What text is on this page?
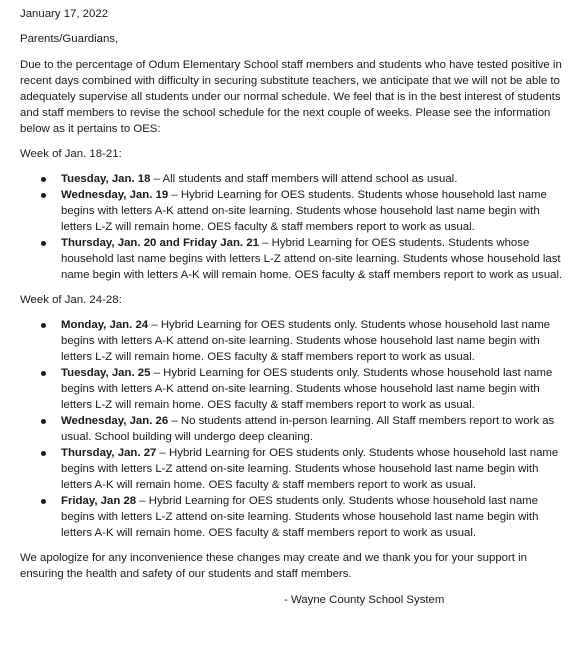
January 17, 2022

Parents/Guardians,

Due to the percentage of Odum Elementary School staff members and students who have tested positive in recent days combined with difficulty in securing substitute teachers, we anticipate that we will not be able to adequately supervise all students under our normal schedule. We feel that is in the best interest of students and staff members to revise the school schedule for the next couple of weeks. Please see the information below as it pertains to OES:

Week of Jan. 18-21:

Tuesday, Jan. 18 – All students and staff members will attend school as usual.
Wednesday, Jan. 19 – Hybrid Learning for OES students. Students whose household last name begins with letters A-K attend on-site learning. Students whose household last name begin with letters L-Z will remain home. OES faculty & staff members report to work as usual.
Thursday, Jan. 20 and Friday Jan. 21 – Hybrid Learning for OES students. Students whose household last name begins with letters L-Z attend on-site learning. Students whose household last name begin with letters A-K will remain home. OES faculty & staff members report to work as usual.

Week of Jan. 24-28:

Monday, Jan. 24 – Hybrid Learning for OES students only. Students whose household last name begins with letters A-K attend on-site learning. Students whose household last name begin with letters L-Z will remain home. OES faculty & staff members report to work as usual.
Tuesday, Jan. 25 – Hybrid Learning for OES students only. Students whose household last name begins with letters A-K attend on-site learning. Students whose household last name begin with letters L-Z will remain home. OES faculty & staff members report to work as usual.
Wednesday, Jan. 26 – No students attend in-person learning. All Staff members report to work as usual. School building will undergo deep cleaning.
Thursday, Jan. 27 – Hybrid Learning for OES students only. Students whose household last name begins with letters L-Z attend on-site learning. Students whose household last name begin with letters A-K will remain home. OES faculty & staff members report to work as usual.
Friday, Jan 28 – Hybrid Learning for OES students only. Students whose household last name begins with letters L-Z attend on-site learning. Students whose household last name begin with letters A-K will remain home. OES faculty & staff members report to work as usual.

We apologize for any inconvenience these changes may create and we thank you for your support in ensuring the health and safety of our students and staff members.

- Wayne County School System
